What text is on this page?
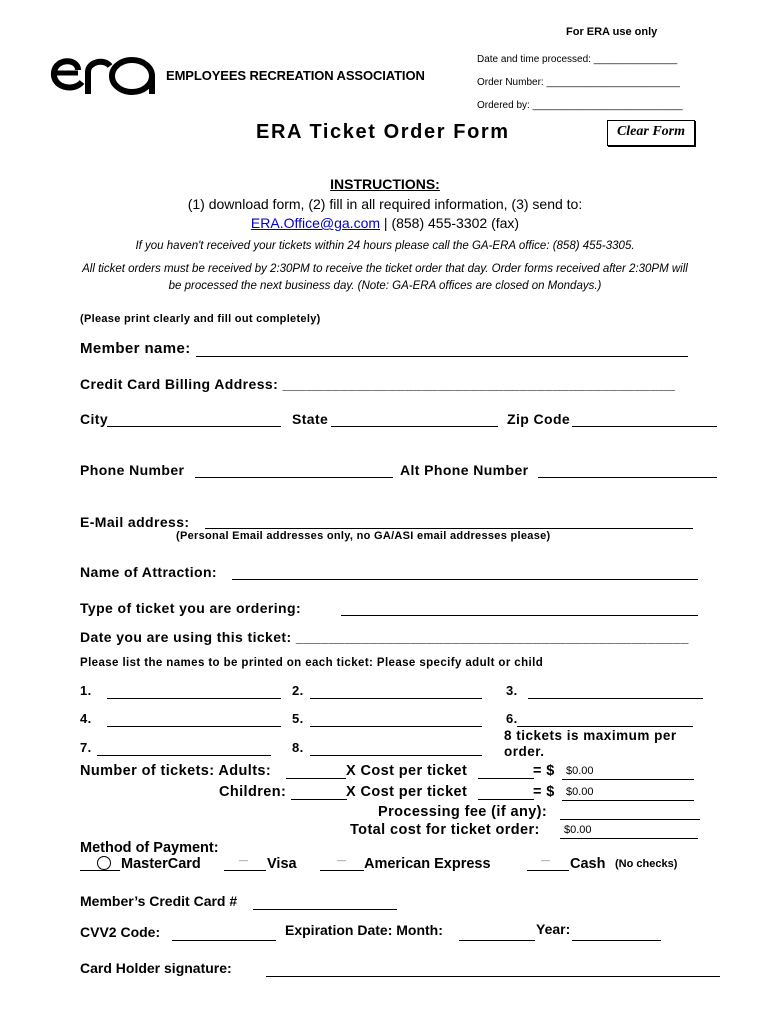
For ERA use only
Date and time processed: _______________
Order Number: ________________________
Ordered by: ___________________________
EMPLOYEES RECREATION ASSOCIATION
ERA Ticket Order Form	Clear Form
INSTRUCTIONS:
(1) download form, (2) fill in all required information, (3) send to:
ERA.Office@ga.com | (858) 455-3302 (fax)
If you haven't received your tickets within 24 hours please call the GA-ERA office: (858) 455-3305.
All ticket orders must be received by 2:30PM to receive the ticket order that day. Order forms received after 2:30PM will
be processed the next business day. (Note: GA-ERA offices are closed on Mondays.)
(Please print clearly and fill out completely)
Member name:
Credit Card Billing Address: ________________________________________________
City	State	Zip Code
Phone Number	Alt Phone Number
E-Mail address:
(Personal Email addresses only, no GA/ASI email addresses please)
Name of Attraction:
Type of ticket you are ordering:
Date you are using this ticket: ________________________________________________
Please list the names to be printed on each ticket: Please specify adult or child
1.	2.	3.
4.	5.	6.
7.	8.
8 tickets is maximum per order.
Number of tickets: Adults:	X Cost per ticket	= $	$0.00
Children:	X Cost per ticket	= $	$0.00
Processing fee (if any):
Total cost for ticket order:	$0.00
Method of Payment:
MasterCard	— Visa	— American Express	— Cash (No checks)
Member’s Credit Card #
CVV2 Code:	Expiration Date: Month:	Year:
Card Holder signature:
